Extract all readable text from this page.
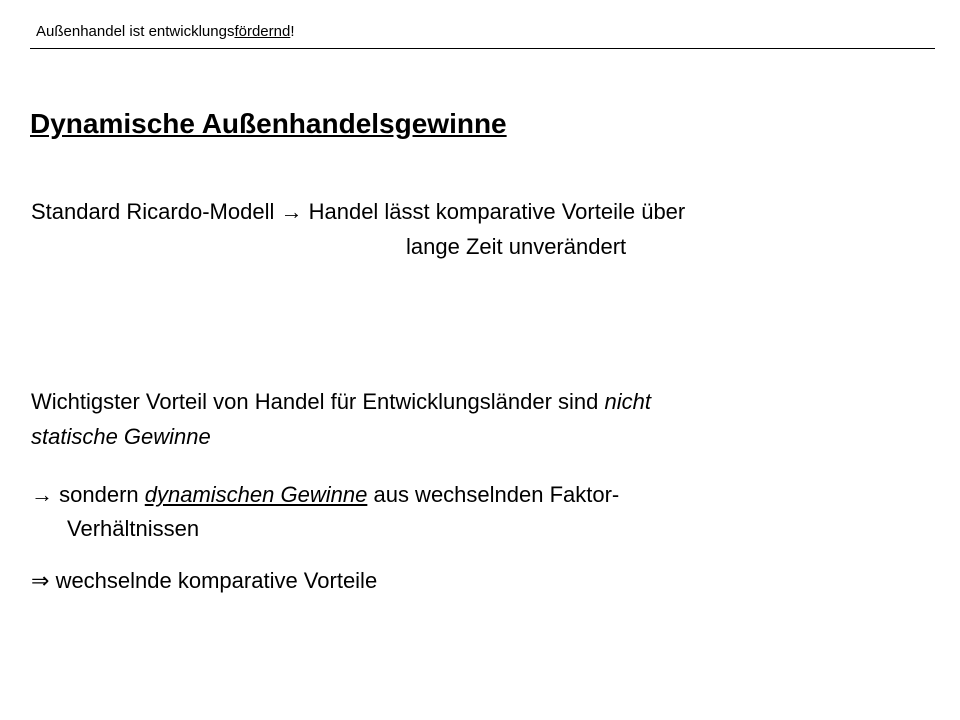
Außenhandel ist entwicklungsfördernd!
Dynamische Außenhandelsgewinne
Standard Ricardo-Modell → Handel lässt komparative Vorteile über
lange Zeit unverändert
Wichtigster Vorteil von Handel für Entwicklungsländer sind nicht
statische Gewinne
→ sondern dynamischen Gewinne aus wechselnden Faktor-
Verhältnissen
⇒ wechselnde komparative Vorteile
